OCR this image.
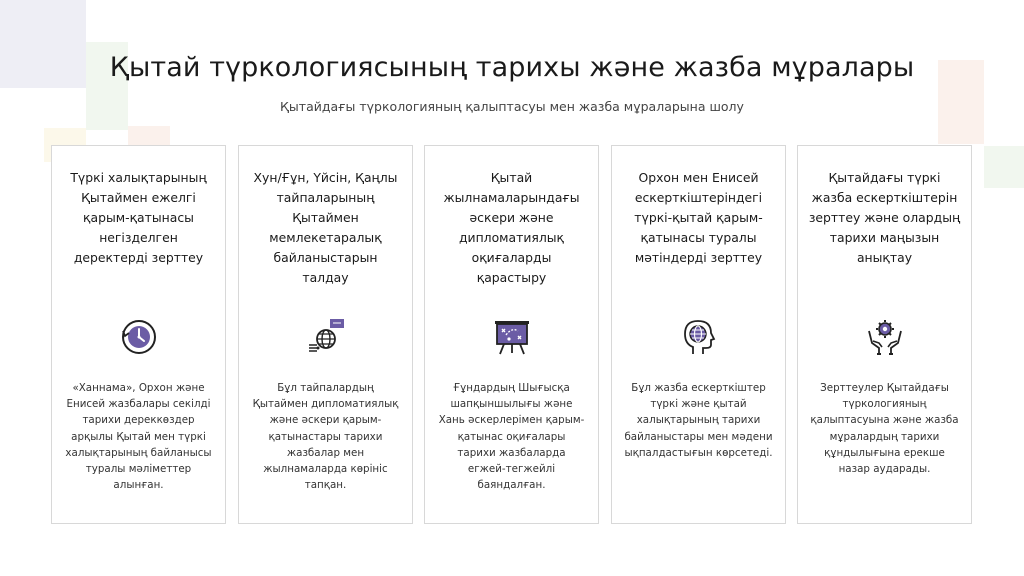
Қытай түркологиясының тарихы және жазба мұралары
Қытайдағы түркологияның қалыптасуы мен жазба мұраларына шолу
Түркі халықтарының Қытаймен ежелгі қарым-қатынасы негізделген деректерді зерттеу
«Ханнама», Орхон және Енисей жазбалары секілді тарихи дереккөздер арқылы Қытай мен түркі халықтарының байланысы туралы мәліметтер алынған.
Хун/Ғұн, Үйсін, Қаңлы тайпаларының Қытаймен мемлекетаралық байланыстарын талдау
Бұл тайпалардың Қытаймен дипломатиялық және әскери қарым-қатынастары тарихи жазбалар мен жылнамаларда көрініс тапқан.
Қытай жылнамаларындағы әскери және дипломатиялық оқиғаларды қарастыру
Ғұндардың Шығысқа шапқыншылығы және Хань әскерлерімен қарым-қатынас оқиғалары тарихи жазбаларда егжей-тегжейлі баяндалған.
Орхон мен Енисей ескерткіштеріндегі түркі-қытай қарым-қатынасы туралы мәтіндерді зерттеу
Бұл жазба ескерткіштер түркі және қытай халықтарының тарихи байланыстары мен мәдени ықпалдастығын көрсетеді.
Қытайдағы түркі жазба ескерткіштерін зерттеу және олардың тарихи маңызын анықтау
Зерттеулер Қытайдағы түркологияның қалыптасуына және жазба мұралардың тарихи құндылығына ерекше назар аударады.
